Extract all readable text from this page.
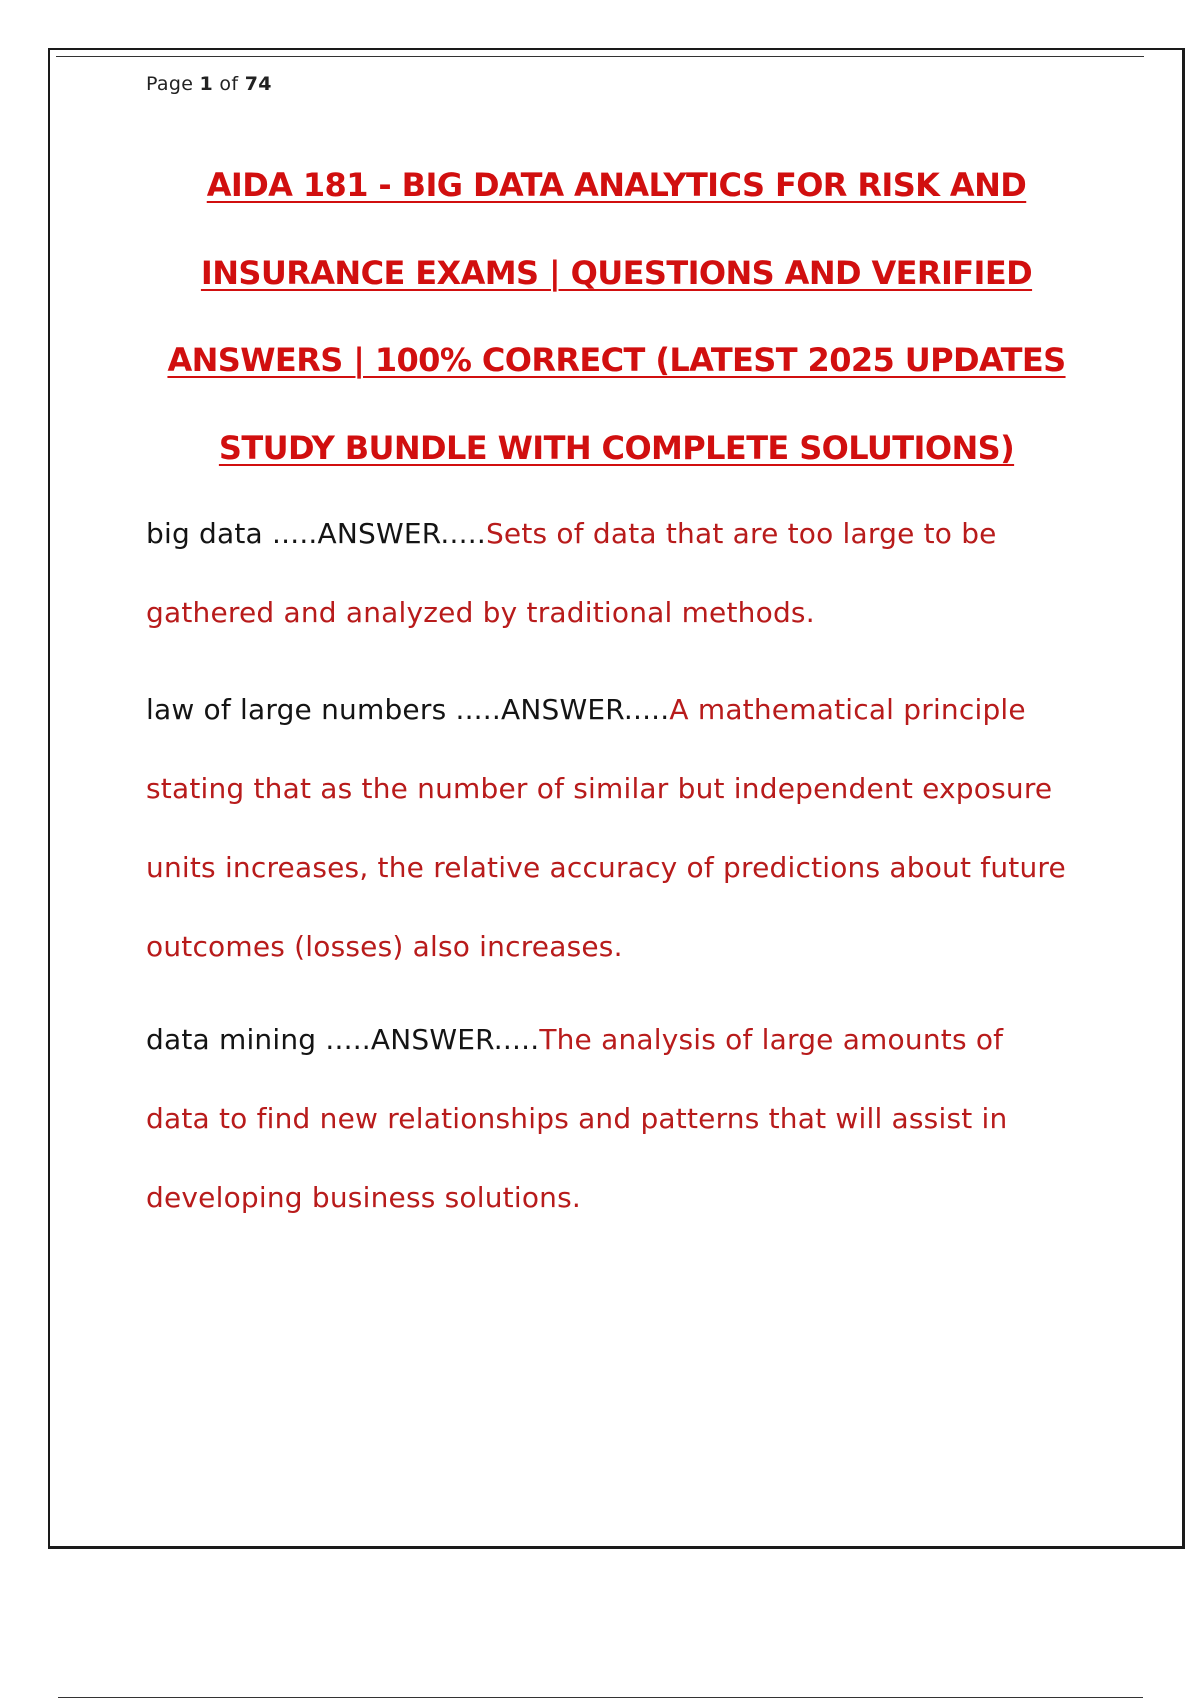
Page 1 of 74
AIDA 181 - BIG DATA ANALYTICS FOR RISK AND
INSURANCE EXAMS | QUESTIONS AND VERIFIED
ANSWERS | 100% CORRECT (LATEST 2025 UPDATES
STUDY BUNDLE WITH COMPLETE SOLUTIONS)

big data .....ANSWER.....Sets of data that are too large to be gathered and analyzed by traditional methods.

law of large numbers .....ANSWER.....A mathematical principle stating that as the number of similar but independent exposure units increases, the relative accuracy of predictions about future outcomes (losses) also increases.

data mining .....ANSWER.....The analysis of large amounts of data to find new relationships and patterns that will assist in developing business solutions.
